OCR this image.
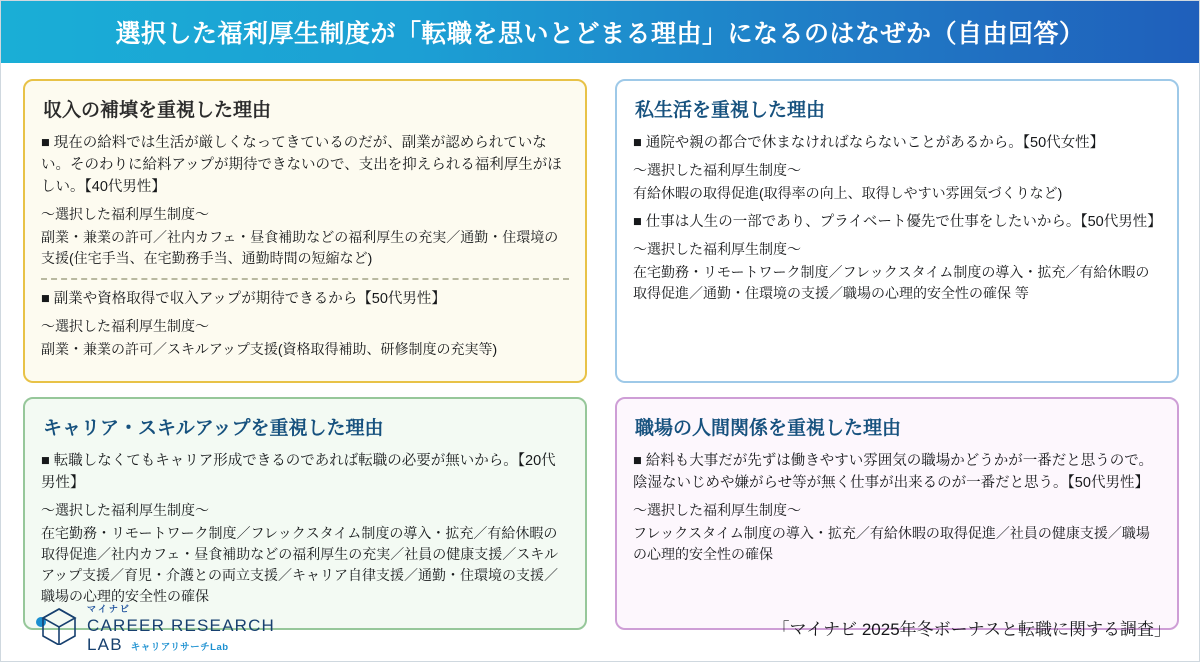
選択した福利厚生制度が「転職を思いとどまる理由」になるのはなぜか（自由回答）
収入の補填を重視した理由

■ 現在の給料では生活が厳しくなってきているのだが、副業が認められていない。そのわりに給料アップが期待できないので、支出を抑えられる福利厚生がほしい。【40代男性】

〜選択した福利厚生制度〜

副業・兼業の許可／社内カフェ・昼食補助などの福利厚生の充実／通勤・住環境の支援(住宅手当、在宅勤務手当、通勤時間の短縮など)

■ 副業や資格取得で収入アップが期待できるから【50代男性】

〜選択した福利厚生制度〜

副業・兼業の許可／スキルアップ支援(資格取得補助、研修制度の充実等)

私生活を重視した理由

■ 通院や親の都合で休まなければならないことがあるから。【50代女性】

〜選択した福利厚生制度〜

有給休暇の取得促進(取得率の向上、取得しやすい雰囲気づくりなど)

■ 仕事は人生の一部であり、プライベート優先で仕事をしたいから。【50代男性】

〜選択した福利厚生制度〜

在宅勤務・リモートワーク制度／フレックスタイム制度の導入・拡充／有給休暇の取得促進／通勤・住環境の支援／職場の心理的安全性の確保 等

キャリア・スキルアップを重視した理由

■ 転職しなくてもキャリア形成できるのであれば転職の必要が無いから。【20代男性】

〜選択した福利厚生制度〜

在宅勤務・リモートワーク制度／フレックスタイム制度の導入・拡充／有給休暇の取得促進／社内カフェ・昼食補助などの福利厚生の充実／社員の健康支援／スキルアップ支援／育児・介護との両立支援／キャリア自律支援／通勤・住環境の支援／職場の心理的安全性の確保

職場の人間関係を重視した理由

■ 給料も大事だが先ずは働きやすい雰囲気の職場かどうかが一番だと思うので。陰湿ないじめや嫌がらせ等が無く仕事が出来るのが一番だと思う。【50代男性】

〜選択した福利厚生制度〜

フレックスタイム制度の導入・拡充／有給休暇の取得促進／社員の健康支援／職場の心理的安全性の確保

マイナビ
CAREER RESEARCH

LAB キャリアリサーチLab
「マイナビ 2025年冬ボーナスと転職に関する調査」
